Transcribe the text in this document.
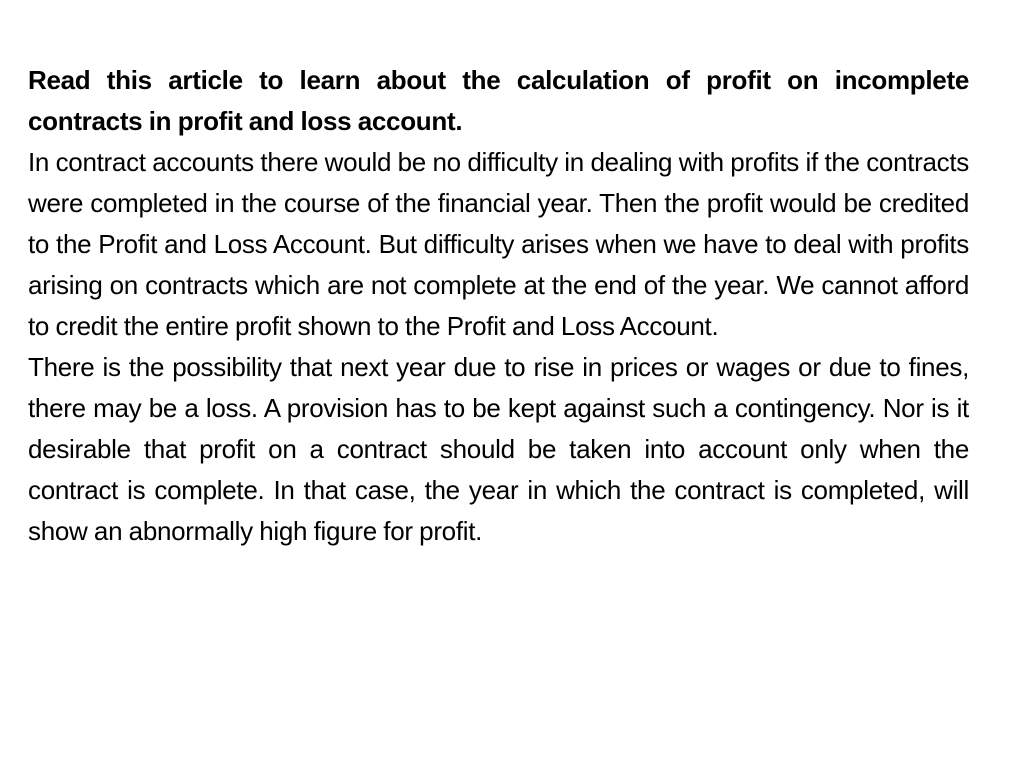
Read this article to learn about the calculation of profit on incomplete contracts in profit and loss account.

In contract accounts there would be no difficulty in dealing with profits if the contracts were completed in the course of the financial year. Then the profit would be credited to the Profit and Loss Account. But difficulty arises when we have to deal with profits arising on contracts which are not complete at the end of the year. We cannot afford to credit the entire profit shown to the Profit and Loss Account.

There is the possibility that next year due to rise in prices or wages or due to fines, there may be a loss. A provision has to be kept against such a contingency. Nor is it desirable that profit on a contract should be taken into account only when the contract is complete. In that case, the year in which the contract is completed, will show an abnormally high figure for profit.
